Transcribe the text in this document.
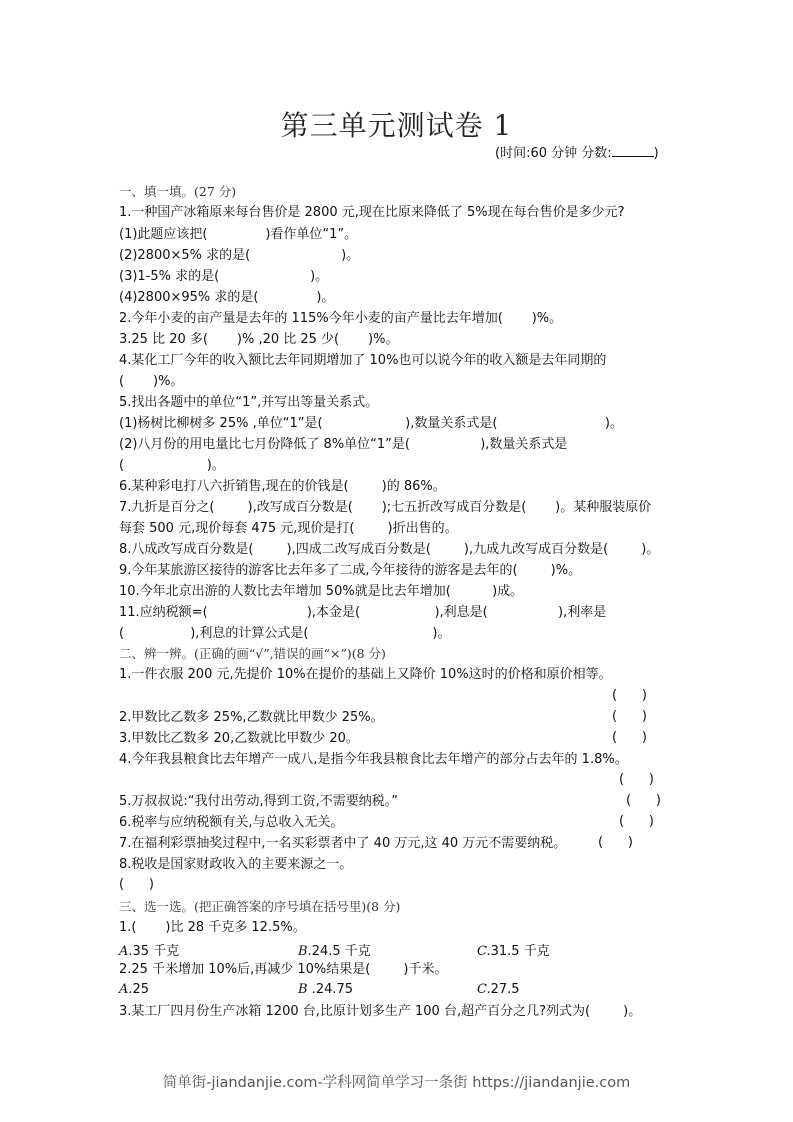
第三单元测试卷 1
(时间:60 分钟 分数:	)
一、填一填。(27 分)
1.一种国产冰箱原来每台售价是 2800 元,现在比原来降低了 5%现在每台售价是多少元?
(1)此题应该把(              )看作单位“1”。
(2)2800×5% 求的是(                      )。
(3)1-5% 求的是(                      )。
(4)2800×95% 求的是(              )。
2.今年小麦的亩产量是去年的 115%今年小麦的亩产量比去年增加(       )%。
3.25 比 20 多(       )% ,20 比 25 少(       )%。
4.某化工厂今年的收入额比去年同期增加了 10%也可以说今年的收入额是去年同期的
(       )%。
5.找出各题中的单位“1”,并写出等量关系式。
(1)杨树比柳树多 25% ,单位“1”是(                    ),数量关系式是(                          )。
(2)八月份的用电量比七月份降低了 8%单位“1”是(                 ),数量关系式是
(                    )。
6.某种彩电打八六折销售,现在的价钱是(        )的 86%。
7.九折是百分之(        ),改写成百分数是(       );七五折改写成百分数是(       )。某种服装原价
每套 500 元,现价每套 475 元,现价是打(        )折出售的。
8.八成改写成百分数是(        ),四成二改写成百分数是(        ),九成九改写成百分数是(        )。
9.今年某旅游区接待的游客比去年多了二成,今年接待的游客是去年的(        )%。
10.今年北京出游的人数比去年增加 50%就是比去年增加(          )成。
11.应纳税额=(                        ),本金是(                  ),利息是(                 ),利率是
(                ),利息的计算公式是(                              )。
二、辨一辨。(正确的画“√”,错误的画“×”)(8 分)
1.一件衣服 200 元,先提价 10%在提价的基础上又降价 10%这时的价格和原价相等。
(      )
2.甲数比乙数多 25%,乙数就比甲数少 25%。	(      )
3.甲数比乙数多 20,乙数就比甲数少 20。	(      )
4.今年我县粮食比去年增产一成八,是指今年我县粮食比去年增产的部分占去年的 1.8%。
(      )
5.万叔叔说:“我付出劳动,得到工资,不需要纳税。”	(      )
6.税率与应纳税额有关,与总收入无关。	(      )
7.在福利彩票抽奖过程中,一名买彩票者中了 40 万元,这 40 万元不需要纳税。 (      )
8.税收是国家财政收入的主要来源之一。
(      )
三、选一选。(把正确答案的序号填在括号里)(8 分)
1.(       )比 28 千克多 12.5%。
A.35 千克	B.24.5 千克	C.31.5 千克
2.25 千米增加 10%后,再减少 10%结果是(        )千米。
A.25	B .24.75	C.27.5
3.某工厂四月份生产冰箱 1200 台,比原计划多生产 100 台,超产百分之几?列式为(        )。
简单街-jiandanjie.com-学科网简单学习一条街 https://jiandanjie.com
